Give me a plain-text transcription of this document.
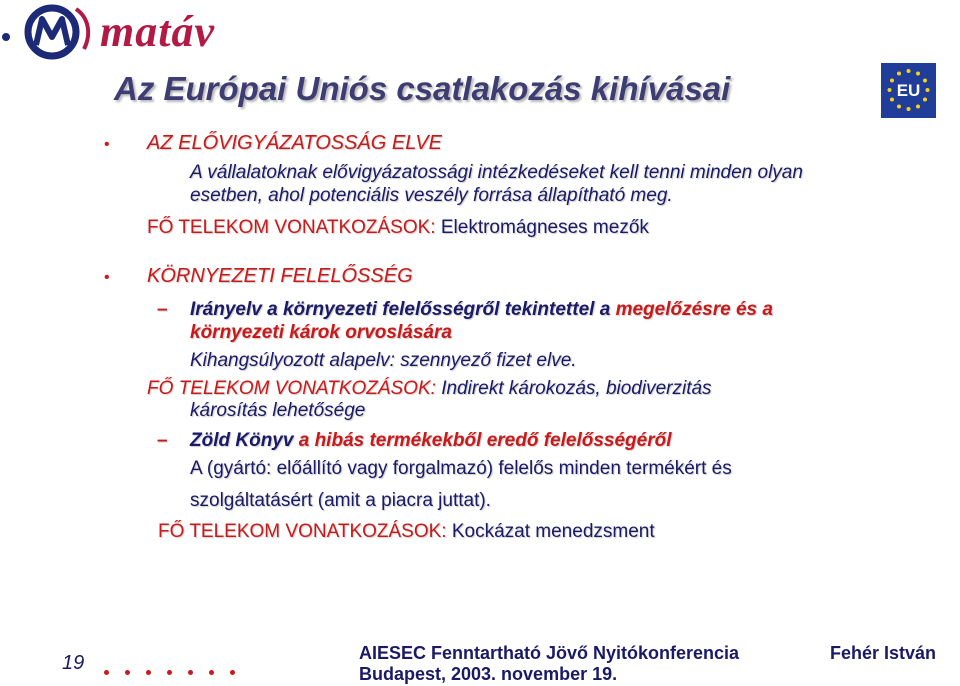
matáv
Az Európai Uniós csatlakozás kihívásai	EU
• AZ ELŐVIGYÁZATOSSÁG ELVE
A vállalatoknak elővigyázatossági intézkedéseket kell tenni minden olyan
esetben, ahol potenciális veszély forrása állapítható meg.
FŐ TELEKOM VONATKOZÁSOK: Elektromágneses mezők
• KÖRNYEZETI FELELŐSSÉG
– Irányelv a környezeti felelősségről tekintettel a megelőzésre és a
környezeti károk orvoslására
Kihangsúlyozott alapelv: szennyező fizet elve.
FŐ TELEKOM VONATKOZÁSOK: Indirekt károkozás, biodiverzitás
károsítás lehetősége
– Zöld Könyv a hibás termékekből eredő felelősségéről
A (gyártó: előállító vagy forgalmazó) felelős minden termékért és
szolgáltatásért (amit a piacra juttat).
FŐ TELEKOM VONATKOZÁSOK: Kockázat menedzsment
19	AIESEC Fenntartható Jövő Nyitókonferencia
Budapest, 2003. november 19.
Fehér István
